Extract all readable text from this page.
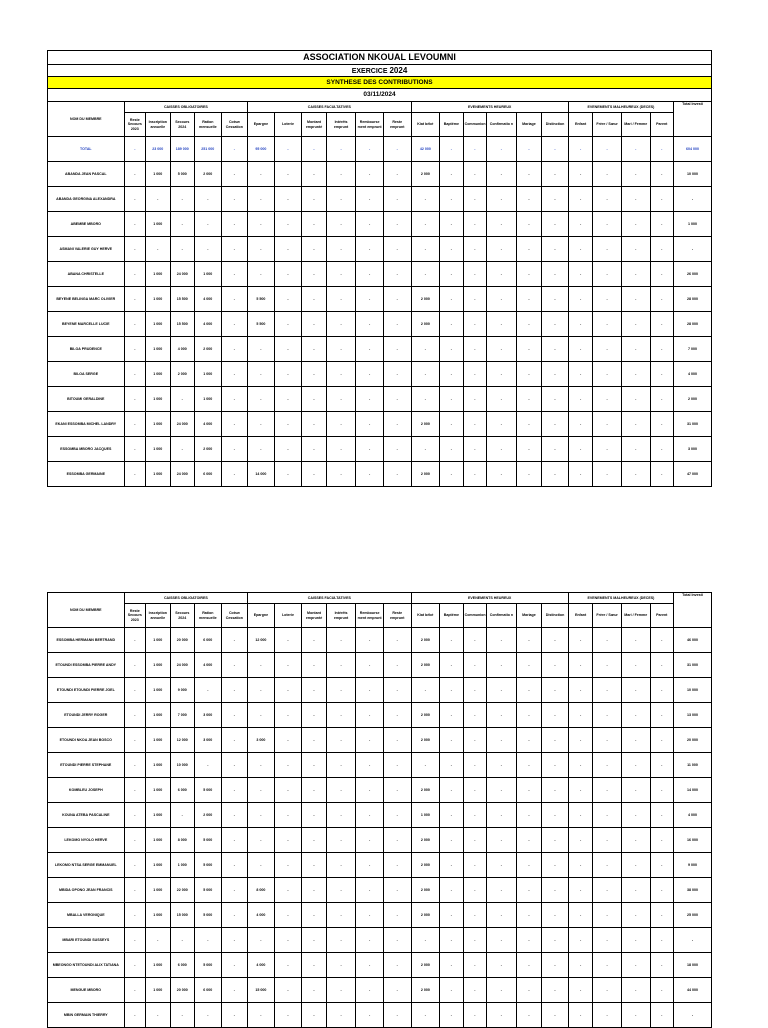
ASSOCIATION NKOUAL LEVOUMNI
EXERCICE 2024
SYNTHESE DES CONTRIBUTIONS
03/11/2024
NOM DU MEMBRE	CAISSES OBLIGATOIRES					CAISSES FACULTATIVES						EVENEMENTS HEUREUX						EVENEMENTS MALHEUREUX (DECES)				Total Investi
	Reste Secours 2023	Inscription annuelle	Secours 2024	Ration mensuelle	Cotsw Cessation	Epargne	Loterie	Montant emprunté	Intérêts emprunt	Rembourse ment emprunt	Reste emprunt	Kiat bébé	Baptême	Communion	Confirmatio n	Mariage	Distinction	Enfant	Frère / Sœur	Mari / Femme	Parent	
TOTAL	-	23 000	189 000	251 000	-	95 000	-	-	-	-	-	42 000	-	-	-	-	-	-	-	-	-	604 000
ABANDA JEAN PASCAL	-	1 000	5 000	2 000	-	-	-	-	-	-	-	2 000	-	-	-	-	-	-	-	-	-	10 000
ABANDA GEORGINA ALEXANDRA	-	-	-	-	-	-	-	-	-	-	-	-	-	-	-	-	-	-	-	-	-	-
ABEMBE MBORO	-	1 000	-	-	-	-	-	-	-	-	-	-	-	-	-	-	-	-	-	-	-	1 000
ASMANI VALERIE GUY HERVE	-	-	-	-	-	-	-	-	-	-	-	-	-	-	-	-	-	-	-	-	-	-
ABANA CHRISTELLE	-	1 000	24 000	1 000	-	-	-	-	-	-	-	-	-	-	-	-	-	-	-	-	-	26 000
BEYENE BELINGA MARC OLIVIER	-	1 000	15 500	4 000	-	5 500	-	-	-	-	-	2 000	-	-	-	-	-	-	-	-	-	28 000
BEYENE MARCELLE LUCIE	-	1 000	15 500	4 000	-	5 500	-	-	-	-	-	2 000	-	-	-	-	-	-	-	-	-	28 000
BILOA PRUDENCE	-	1 000	4 000	2 000	-	-	-	-	-	-	-	-	-	-	-	-	-	-	-	-	-	7 000
BILOA SERGE	-	1 000	2 000	1 000	-	-	-	-	-	-	-	-	-	-	-	-	-	-	-	-	-	4 000
BITOUMI GERALDINE	-	1 000	-	1 000	-	-	-	-	-	-	-	-	-	-	-	-	-	-	-	-	-	2 000
EKANI ESSOMBA MICHEL LANDRY	-	1 000	24 000	4 000	-	-	-	-	-	-	-	2 000	-	-	-	-	-	-	-	-	-	31 000
ESSOMBA MBORO JACQUES	-	1 000	-	2 000	-	-	-	-	-	-	-	-	-	-	-	-	-	-	-	-	-	3 000
ESSOMBA GERMAINE	-	1 000	24 000	6 000	-	14 000	-	-	-	-	-	2 000	-	-	-	-	-	-	-	-	-	47 000
NOM DU MEMBRE	CAISSES OBLIGATOIRES					CAISSES FACULTATIVES						EVENEMENTS HEUREUX						EVENEMENTS MALHEUREUX (DECES)				Total Investi
	Reste Secours 2023	Inscription annuelle	Secours 2024	Ration mensuelle	Cotsw Cessation	Epargne	Loterie	Montant emprunté	Intérêts emprunt	Rembourse ment emprunt	Reste emprunt	Kiat bébé	Baptême	Communion	Confirmatio n	Mariage	Distinction	Enfant	Frère / Sœur	Mari / Femme	Parent	
ESSOMBA HERMANN BERTRAND	-	1 000	20 000	6 000	-	12 000	-	-	-	-	-	2 000	-	-	-	-	-	-	-	-	-	46 000
ETOUNDI ESSOMBA PIERRE ANDY	-	1 000	24 000	4 000	-	-	-	-	-	-	-	2 000	-	-	-	-	-	-	-	-	-	31 000
ETOUNDI ETOUNDI PIERRE JOEL	-	1 000	9 000	-	-	-	-	-	-	-	-	-	-	-	-	-	-	-	-	-	-	10 000
ETOUNDI JERRY ROGER	-	1 000	7 000	3 000	-	-	-	-	-	-	-	2 000	-	-	-	-	-	-	-	-	-	13 000
ETOUNDI NKOA JEAN BOSCO	-	1 000	12 000	3 000	-	3 000	-	-	-	-	-	2 000	-	-	-	-	-	-	-	-	-	20 000
ETOUNDI PIERRE STEPHANE	-	1 000	10 000	-	-	-	-	-	-	-	-	-	-	-	-	-	-	-	-	-	-	11 000
KOMBLEU JOSEPH	-	1 000	6 000	5 000	-	-	-	-	-	-	-	2 000	-	-	-	-	-	-	-	-	-	14 000
KOUNA ATEBA PASCALINE	-	1 000	-	2 000	-	-	-	-	-	-	-	1 000	-	-	-	-	-	-	-	-	-	4 000
LEKOMO NYOLO HERVE	-	1 000	8 000	5 000	-	-	-	-	-	-	-	2 000	-	-	-	-	-	-	-	-	-	16 000
LEKOMO NTSA SERGE EMMANUEL	-	1 000	1 000	5 000	-	-	-	-	-	-	-	2 000	-	-	-	-	-	-	-	-	-	9 000
MBIDA OPONO JEAN FRANCIS	-	1 000	22 000	5 000	-	8 000	-	-	-	-	-	2 000	-	-	-	-	-	-	-	-	-	38 000
MBALLA VERONIQUE	-	1 000	15 000	5 000	-	4 000	-	-	-	-	-	2 000	-	-	-	-	-	-	-	-	-	25 000
MBARI ETOUNDI SUSSEYS	-	-	-	-	-	-	-	-	-	-	-	-	-	-	-	-	-	-	-	-	-	-
MBEONGO NTETOUNDI ALIX TATIANA	-	1 000	6 000	5 000	-	4 000	-	-	-	-	-	2 000	-	-	-	-	-	-	-	-	-	18 000
MENGUE MBORO	-	1 000	20 000	6 000	-	15 000	-	-	-	-	-	2 000	-	-	-	-	-	-	-	-	-	44 000
MBIN GERMAIN THIERRY	-	-	-	-	-	-	-	-	-	-	-	-	-	-	-	-	-	-	-	-	-	-
